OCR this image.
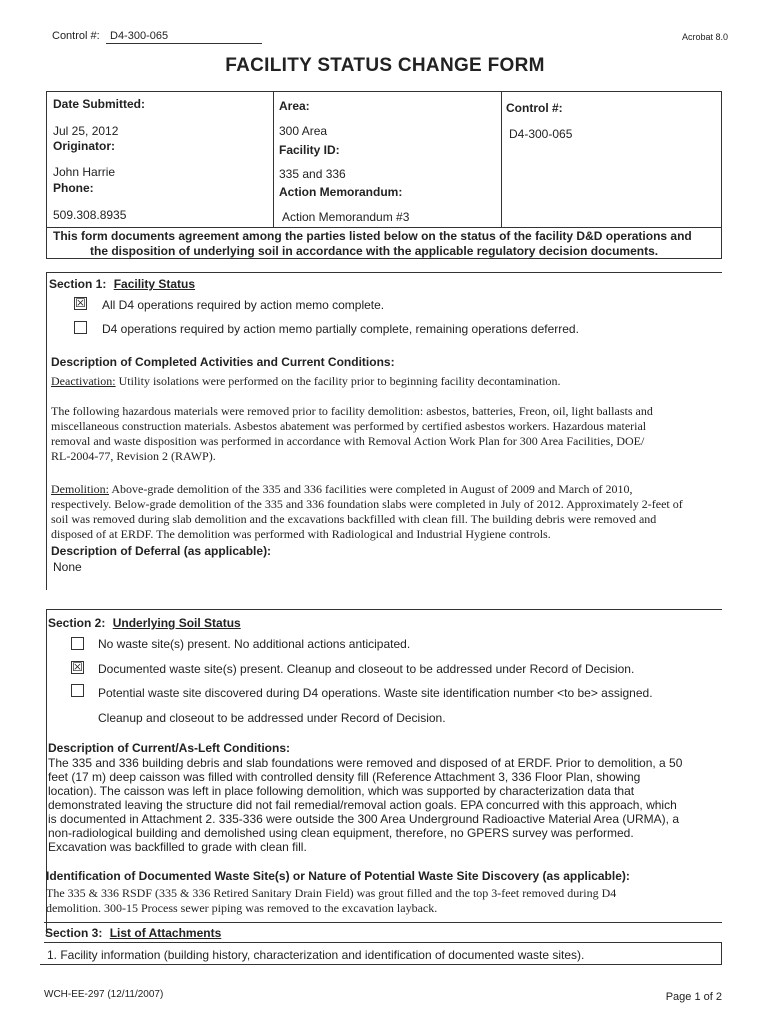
Control #: D4-300-065	Acrobat 8.0
FACILITY STATUS CHANGE FORM
Date Submitted:
Jul 25, 2012
Originator:
John Harrie
Phone:
509.308.8935
Area:
300 Area
Facility ID:
335 and 336
Action Memorandum:
Action Memorandum #3
Control #:
D4-300-065
This form documents agreement among the parties listed below on the status of the facility D&D operations and
the disposition of underlying soil in accordance with the applicable regulatory decision documents.
Section 1: Facility Status
☒ All D4 operations required by action memo complete.
D4 operations required by action memo partially complete, remaining operations deferred.
Description of Completed Activities and Current Conditions:
Deactivation: Utility isolations were performed on the facility prior to beginning facility decontamination.
The following hazardous materials were removed prior to facility demolition: asbestos, batteries, Freon, oil, light ballasts and
miscellaneous construction materials. Asbestos abatement was performed by certified asbestos workers. Hazardous material
removal and waste disposition was performed in accordance with Removal Action Work Plan for 300 Area Facilities, DOE/
RL-2004-77, Revision 2 (RAWP).
Demolition: Above-grade demolition of the 335 and 336 facilities were completed in August of 2009 and March of 2010,
respectively. Below-grade demolition of the 335 and 336 foundation slabs were completed in July of 2012. Approximately 2-feet of
soil was removed during slab demolition and the excavations backfilled with clean fill. The building debris were removed and
disposed of at ERDF. The demolition was performed with Radiological and Industrial Hygiene controls.
Description of Deferral (as applicable):
None
Section 2: Underlying Soil Status
No waste site(s) present. No additional actions anticipated.
☒ Documented waste site(s) present. Cleanup and closeout to be addressed under Record of Decision.
Potential waste site discovered during D4 operations. Waste site identification number <to be> assigned.
Cleanup and closeout to be addressed under Record of Decision.
Description of Current/As-Left Conditions:
The 335 and 336 building debris and slab foundations were removed and disposed of at ERDF. Prior to demolition, a 50
feet (17 m) deep caisson was filled with controlled density fill (Reference Attachment 3, 336 Floor Plan, showing
location). The caisson was left in place following demolition, which was supported by characterization data that
demonstrated leaving the structure did not fail remedial/removal action goals. EPA concurred with this approach, which
is documented in Attachment 2. 335-336 were outside the 300 Area Underground Radioactive Material Area (URMA), a
non-radiological building and demolished using clean equipment, therefore, no GPERS survey was performed.
Excavation was backfilled to grade with clean fill.
Identification of Documented Waste Site(s) or Nature of Potential Waste Site Discovery (as applicable):
The 335 & 336 RSDF (335 & 336 Retired Sanitary Drain Field) was grout filled and the top 3-feet removed during D4
demolition. 300-15 Process sewer piping was removed to the excavation layback.
Section 3: List of Attachments
1. Facility information (building history, characterization and identification of documented waste sites).
WCH-EE-297 (12/11/2007)	Page 1 of 2
